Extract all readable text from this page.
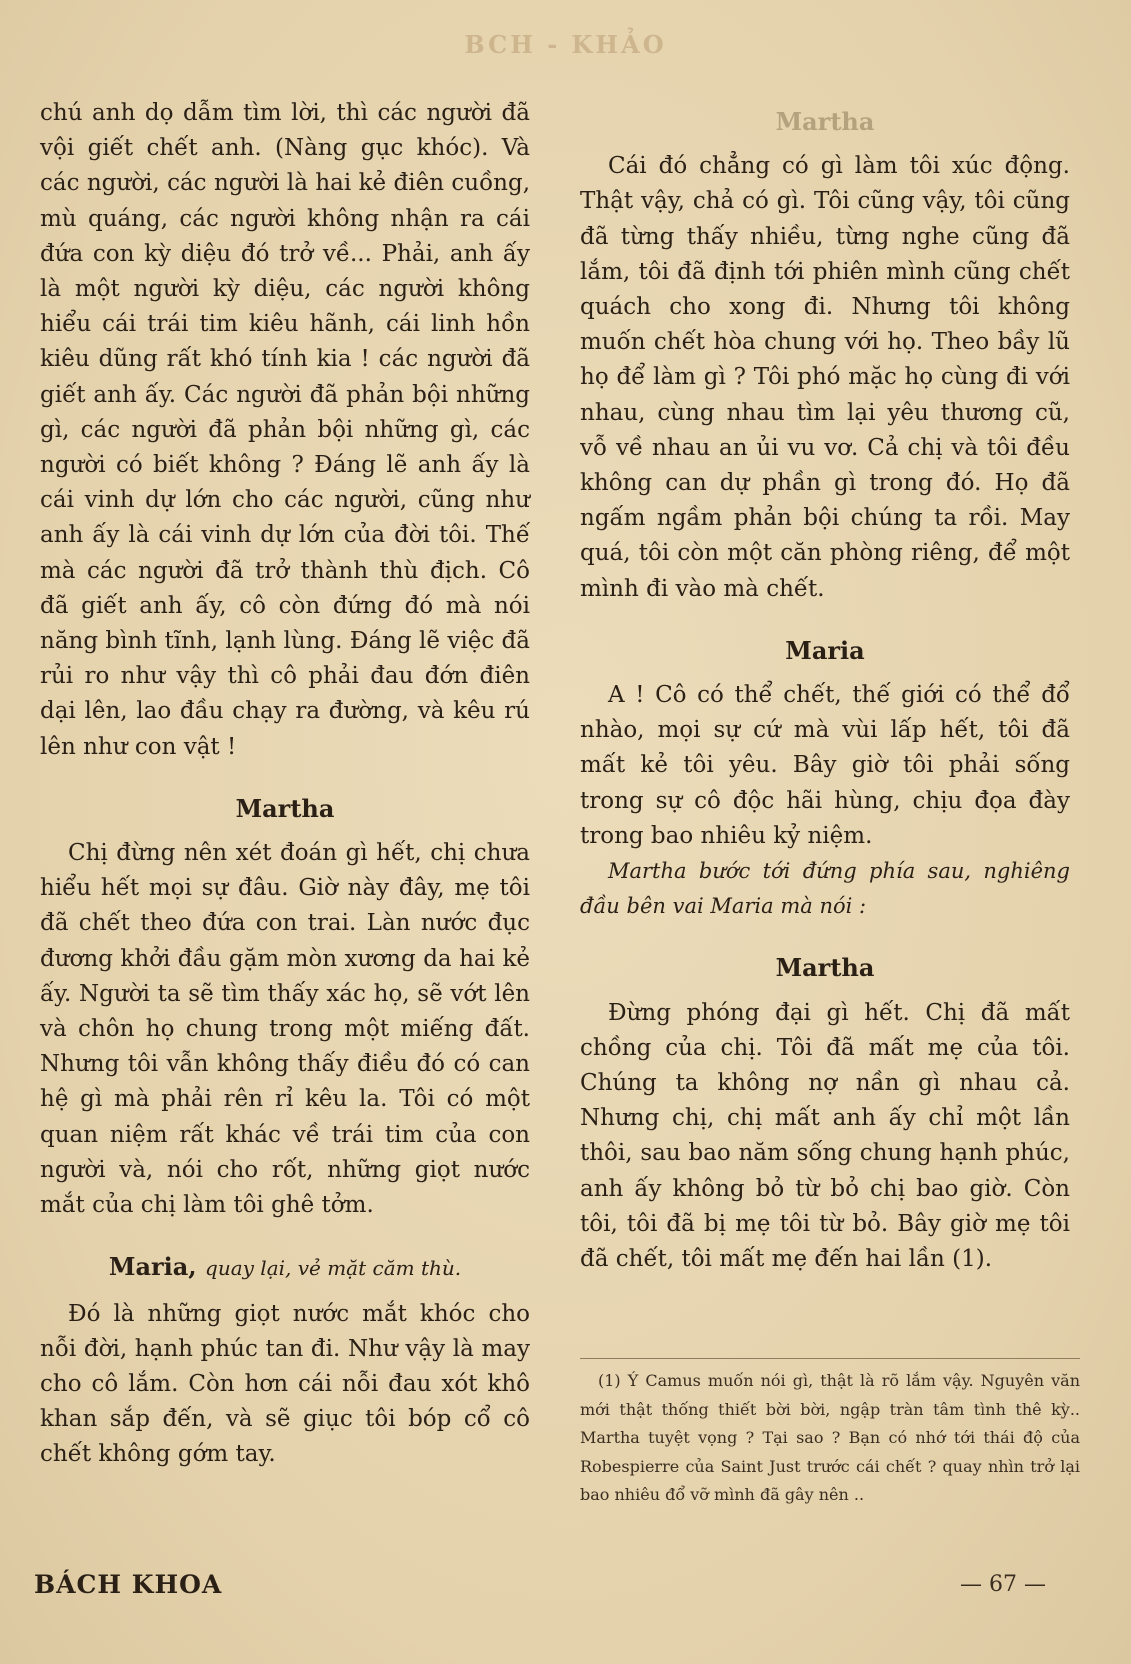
BCH - KHẢO

chú anh dọ dẫm tìm lời, thì các người đã vội giết chết anh. (Nàng gục khóc). Và các người, các người là hai kẻ điên cuồng, mù quáng, các người không nhận ra cái đứa con kỳ diệu đó trở về... Phải, anh ấy là một người kỳ diệu, các người không hiểu cái trái tim kiêu hãnh, cái linh hồn kiêu dũng rất khó tính kia ! các người đã giết anh ấy. Các người đã phản bội những gì, các người đã phản bội những gì, các người có biết không ? Đáng lẽ anh ấy là cái vinh dự lớn cho các người, cũng như anh ấy là cái vinh dự lớn của đời tôi. Thế mà các người đã trở thành thù địch. Cô đã giết anh ấy, cô còn đứng đó mà nói năng bình tĩnh, lạnh lùng. Đáng lẽ việc đã rủi ro như vậy thì cô phải đau đớn điên dại lên, lao đầu chạy ra đường, và kêu rú lên như con vật !

Martha

Chị đừng nên xét đoán gì hết, chị chưa hiểu hết mọi sự đâu. Giờ này đây, mẹ tôi đã chết theo đứa con trai. Làn nước đục đương khởi đầu gặm mòn xương da hai kẻ ấy. Người ta sẽ tìm thấy xác họ, sẽ vớt lên và chôn họ chung trong một miếng đất. Nhưng tôi vẫn không thấy điều đó có can hệ gì mà phải rên rỉ kêu la. Tôi có một quan niệm rất khác về trái tim của con người và, nói cho rốt, những giọt nước mắt của chị làm tôi ghê tởm.

Maria, quay lại, vẻ mặt căm thù.

Đó là những giọt nước mắt khóc cho nỗi đời, hạnh phúc tan đi. Như vậy là may cho cô lắm. Còn hơn cái nỗi đau xót khô khan sắp đến, và sẽ giục tôi bóp cổ cô chết không gớm tay.

Martha

Cái đó chẳng có gì làm tôi xúc động. Thật vậy, chả có gì. Tôi cũng vậy, tôi cũng đã từng thấy nhiều, từng nghe cũng đã lắm, tôi đã định tới phiên mình cũng chết quách cho xong đi. Nhưng tôi không muốn chết hòa chung với họ. Theo bầy lũ họ để làm gì ? Tôi phó mặc họ cùng đi với nhau, cùng nhau tìm lại yêu thương cũ, vỗ về nhau an ủi vu vơ. Cả chị và tôi đều không can dự phần gì trong đó. Họ đã ngấm ngầm phản bội chúng ta rồi. May quá, tôi còn một căn phòng riêng, để một mình đi vào mà chết.

Maria

A ! Cô có thể chết, thế giới có thể đổ nhào, mọi sự cứ mà vùi lấp hết, tôi đã mất kẻ tôi yêu. Bây giờ tôi phải sống trong sự cô độc hãi hùng, chịu đọa đày trong bao nhiêu kỷ niệm.

Martha bước tới đứng phía sau, nghiêng đầu bên vai Maria mà nói :

Martha

Đừng phóng đại gì hết. Chị đã mất chồng của chị. Tôi đã mất mẹ của tôi. Chúng ta không nợ nần gì nhau cả. Nhưng chị, chị mất anh ấy chỉ một lần thôi, sau bao năm sống chung hạnh phúc, anh ấy không bỏ từ bỏ chị bao giờ. Còn tôi, tôi đã bị mẹ tôi từ bỏ. Bây giờ mẹ tôi đã chết, tôi mất mẹ đến hai lần (1).

(1) Ý Camus muốn nói gì, thật là rõ lắm vậy. Nguyên văn mới thật thống thiết bời bời, ngập tràn tâm tình thê kỳ.. Martha tuyệt vọng ? Tại sao ? Bạn có nhớ tới thái độ của Robespierre của Saint Just trước cái chết ? quay nhìn trở lại bao nhiêu đổ vỡ mình đã gây nên ..

BÁCH KHOA	— 67 —
